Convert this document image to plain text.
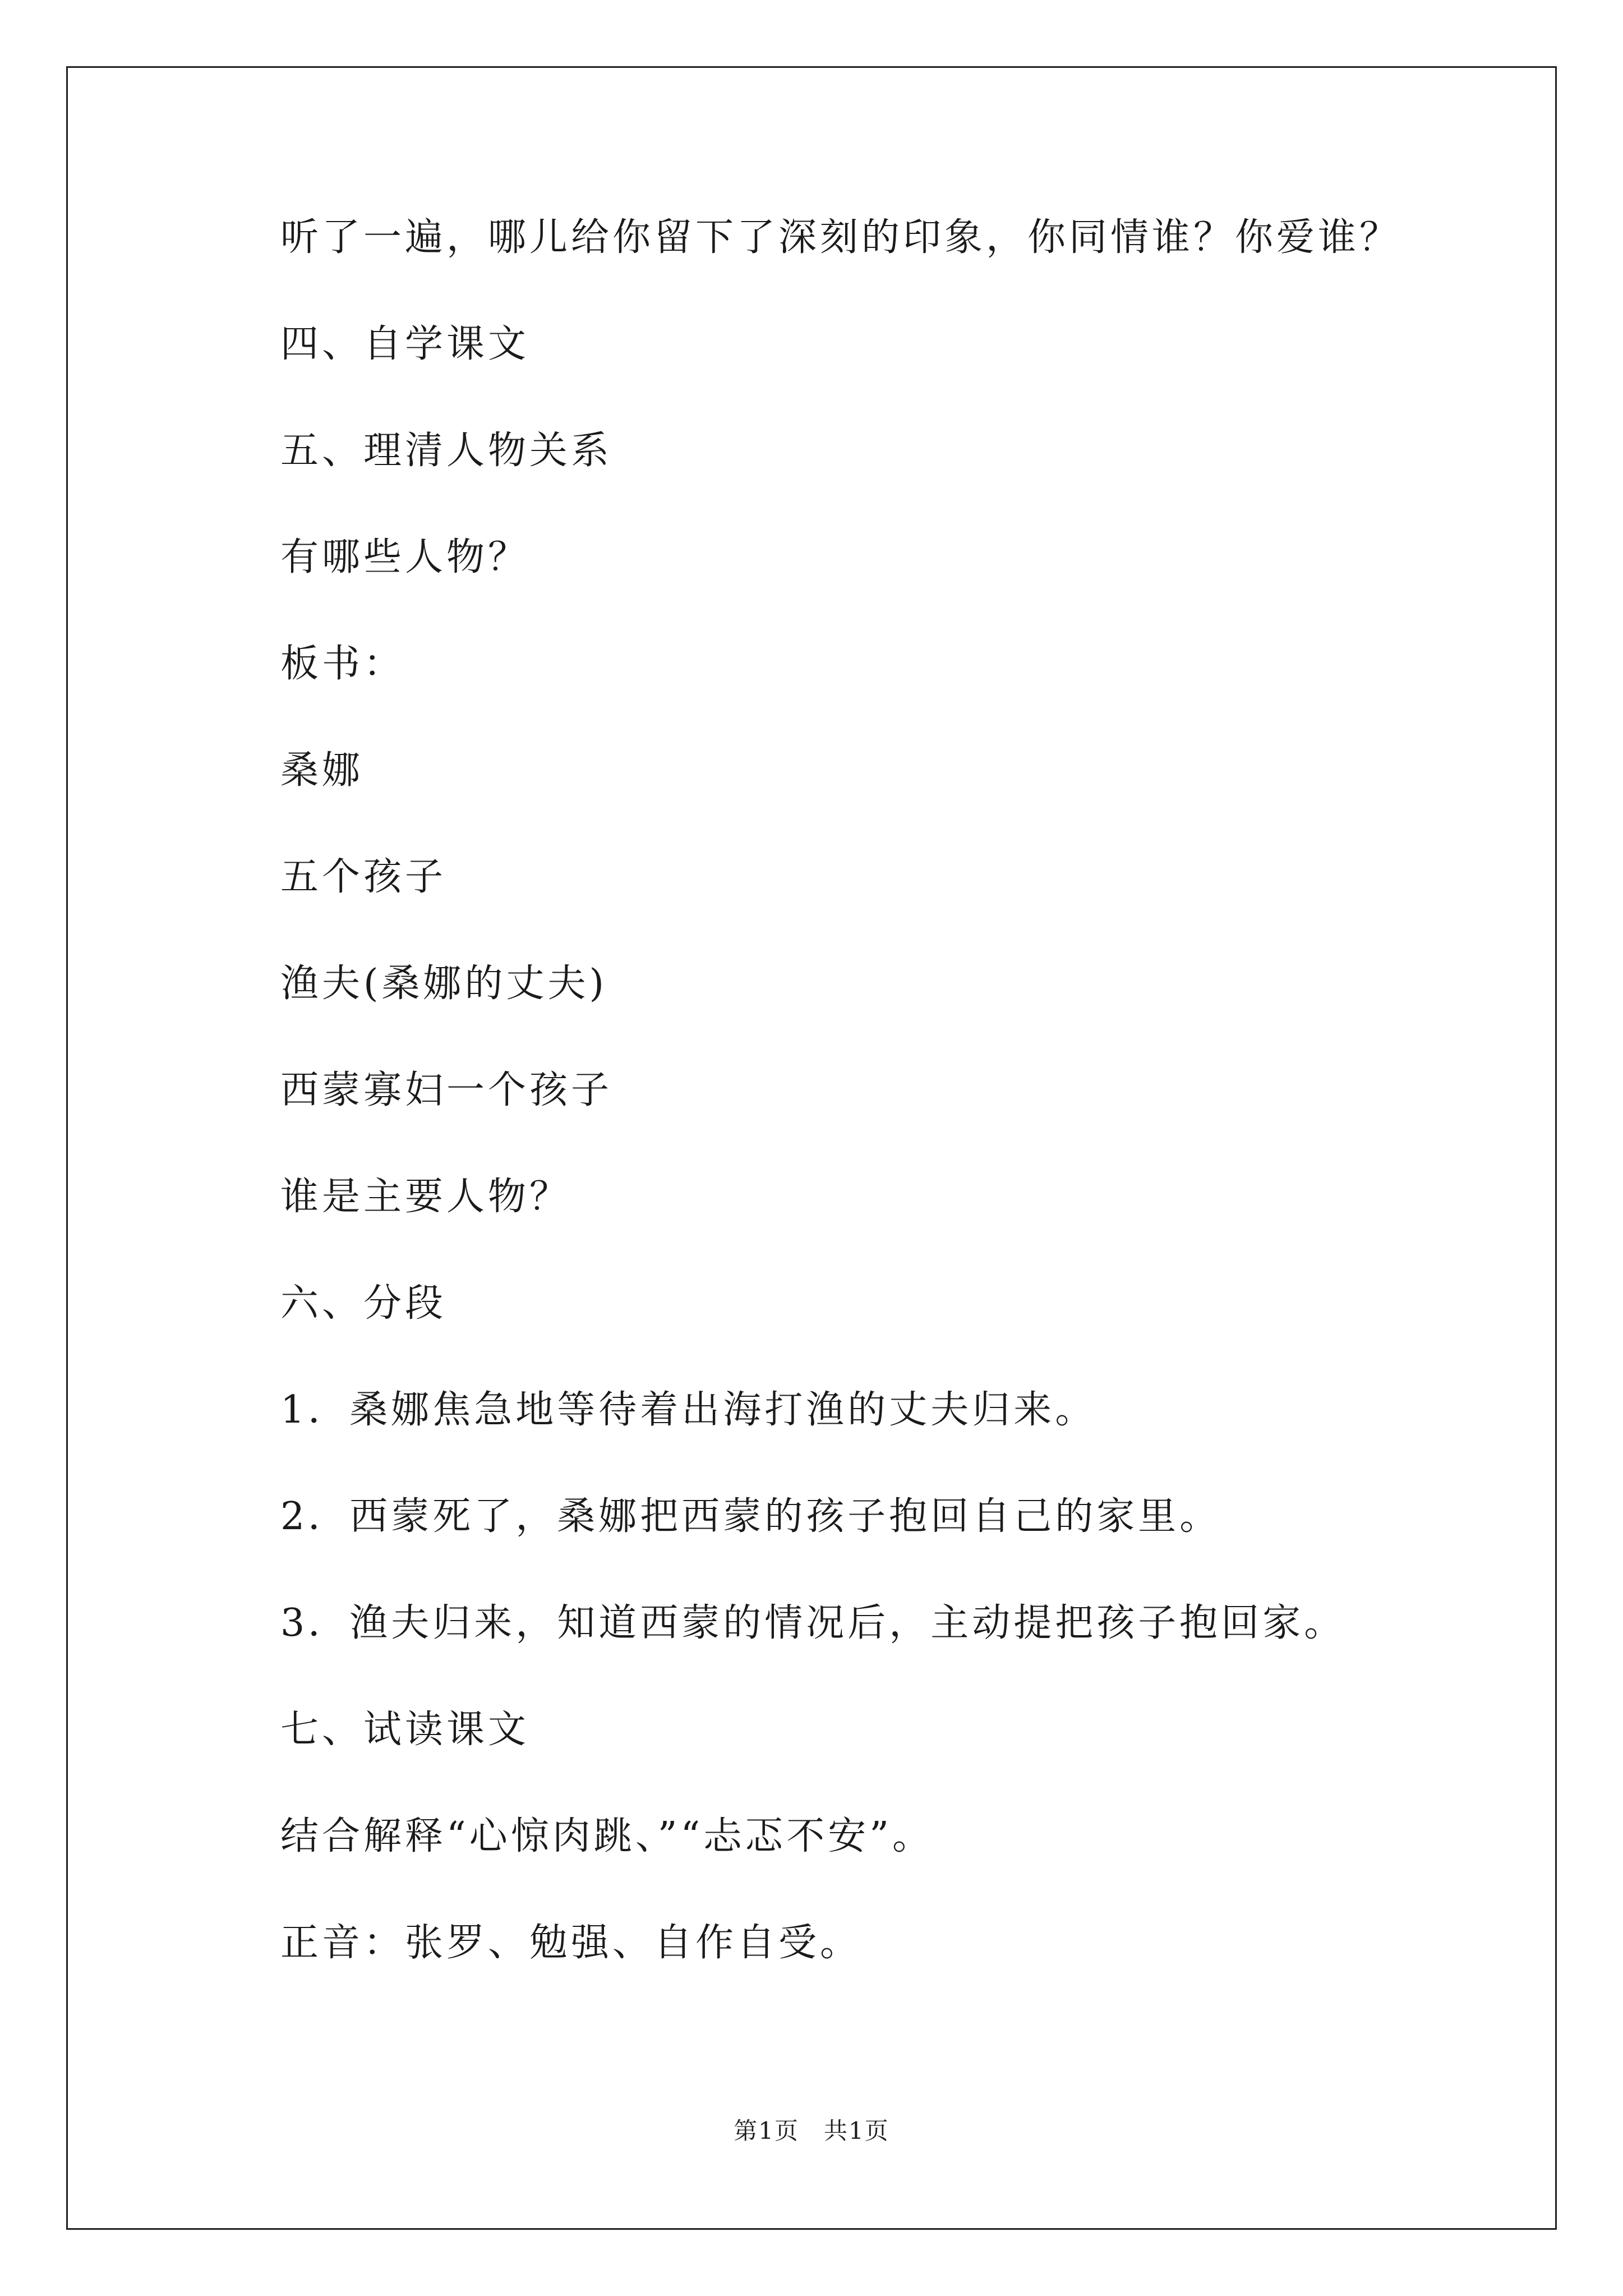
听了一遍，哪儿给你留下了深刻的印象，你同情谁？你爱谁？
四、自学课文
五、理清人物关系
有哪些人物？
板书：
桑娜
五个孩子
渔夫(桑娜的丈夫)
西蒙寡妇一个孩子
谁是主要人物？
六、分段
1．桑娜焦急地等待着出海打渔的丈夫归来。
2．西蒙死了，桑娜把西蒙的孩子抱回自己的家里。
3．渔夫归来，知道西蒙的情况后，主动提把孩子抱回家。
七、试读课文
结合解释“心惊肉跳、”“忐忑不安”。
正音：张罗、勉强、自作自受。
第1页　共1页
